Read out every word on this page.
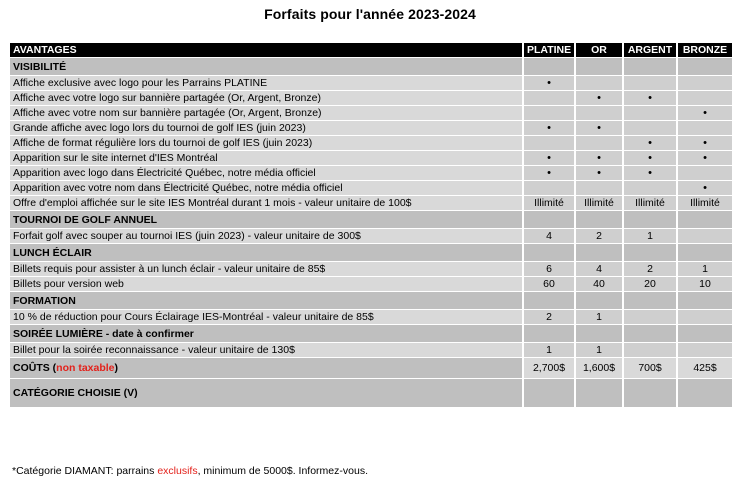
Forfaits pour l'année 2023-2024
AVANTAGES	PLATINE	OR	ARGENT	BRONZE
VISIBILITÉ				
Affiche exclusive avec logo pour les Parrains PLATINE	•			
Affiche avec votre logo sur bannière partagée (Or, Argent, Bronze)		•	•	
Affiche avec votre nom sur bannière partagée (Or, Argent, Bronze)				•
Grande affiche avec logo lors du tournoi de golf IES (juin 2023)	•	•		
Affiche de format régulière lors du tournoi de golf IES (juin 2023)			•	•
Apparition sur le site internet d'IES Montréal	•	•	•	•
Apparition avec logo dans Électricité Québec, notre média officiel	•	•	•	
Apparition avec votre nom dans Électricité Québec, notre média officiel				•
Offre d'emploi affichée sur le site IES Montréal durant 1 mois - valeur unitaire de 100$	Illimité	Illimité	Illimité	Illimité
TOURNOI DE GOLF ANNUEL				
Forfait golf avec souper au tournoi IES (juin 2023) - valeur unitaire de 300$	4	2	1	
LUNCH ÉCLAIR				
Billets requis pour assister à un lunch éclair - valeur unitaire de 85$	6	4	2	1
Billets pour version web	60	40	20	10
FORMATION				
10 % de réduction pour Cours Éclairage IES-Montréal - valeur unitaire de 85$	2	1		
SOIRÉE LUMIÈRE - date à confirmer				
Billet pour la soirée reconnaissance - valeur unitaire de 130$	1	1		
COÛTS (non taxable)	2,700$	1,600$	700$	425$
CATÉGORIE CHOISIE (V)				
*Catégorie DIAMANT: parrains exclusifs, minimum de 5000$. Informez-vous.
